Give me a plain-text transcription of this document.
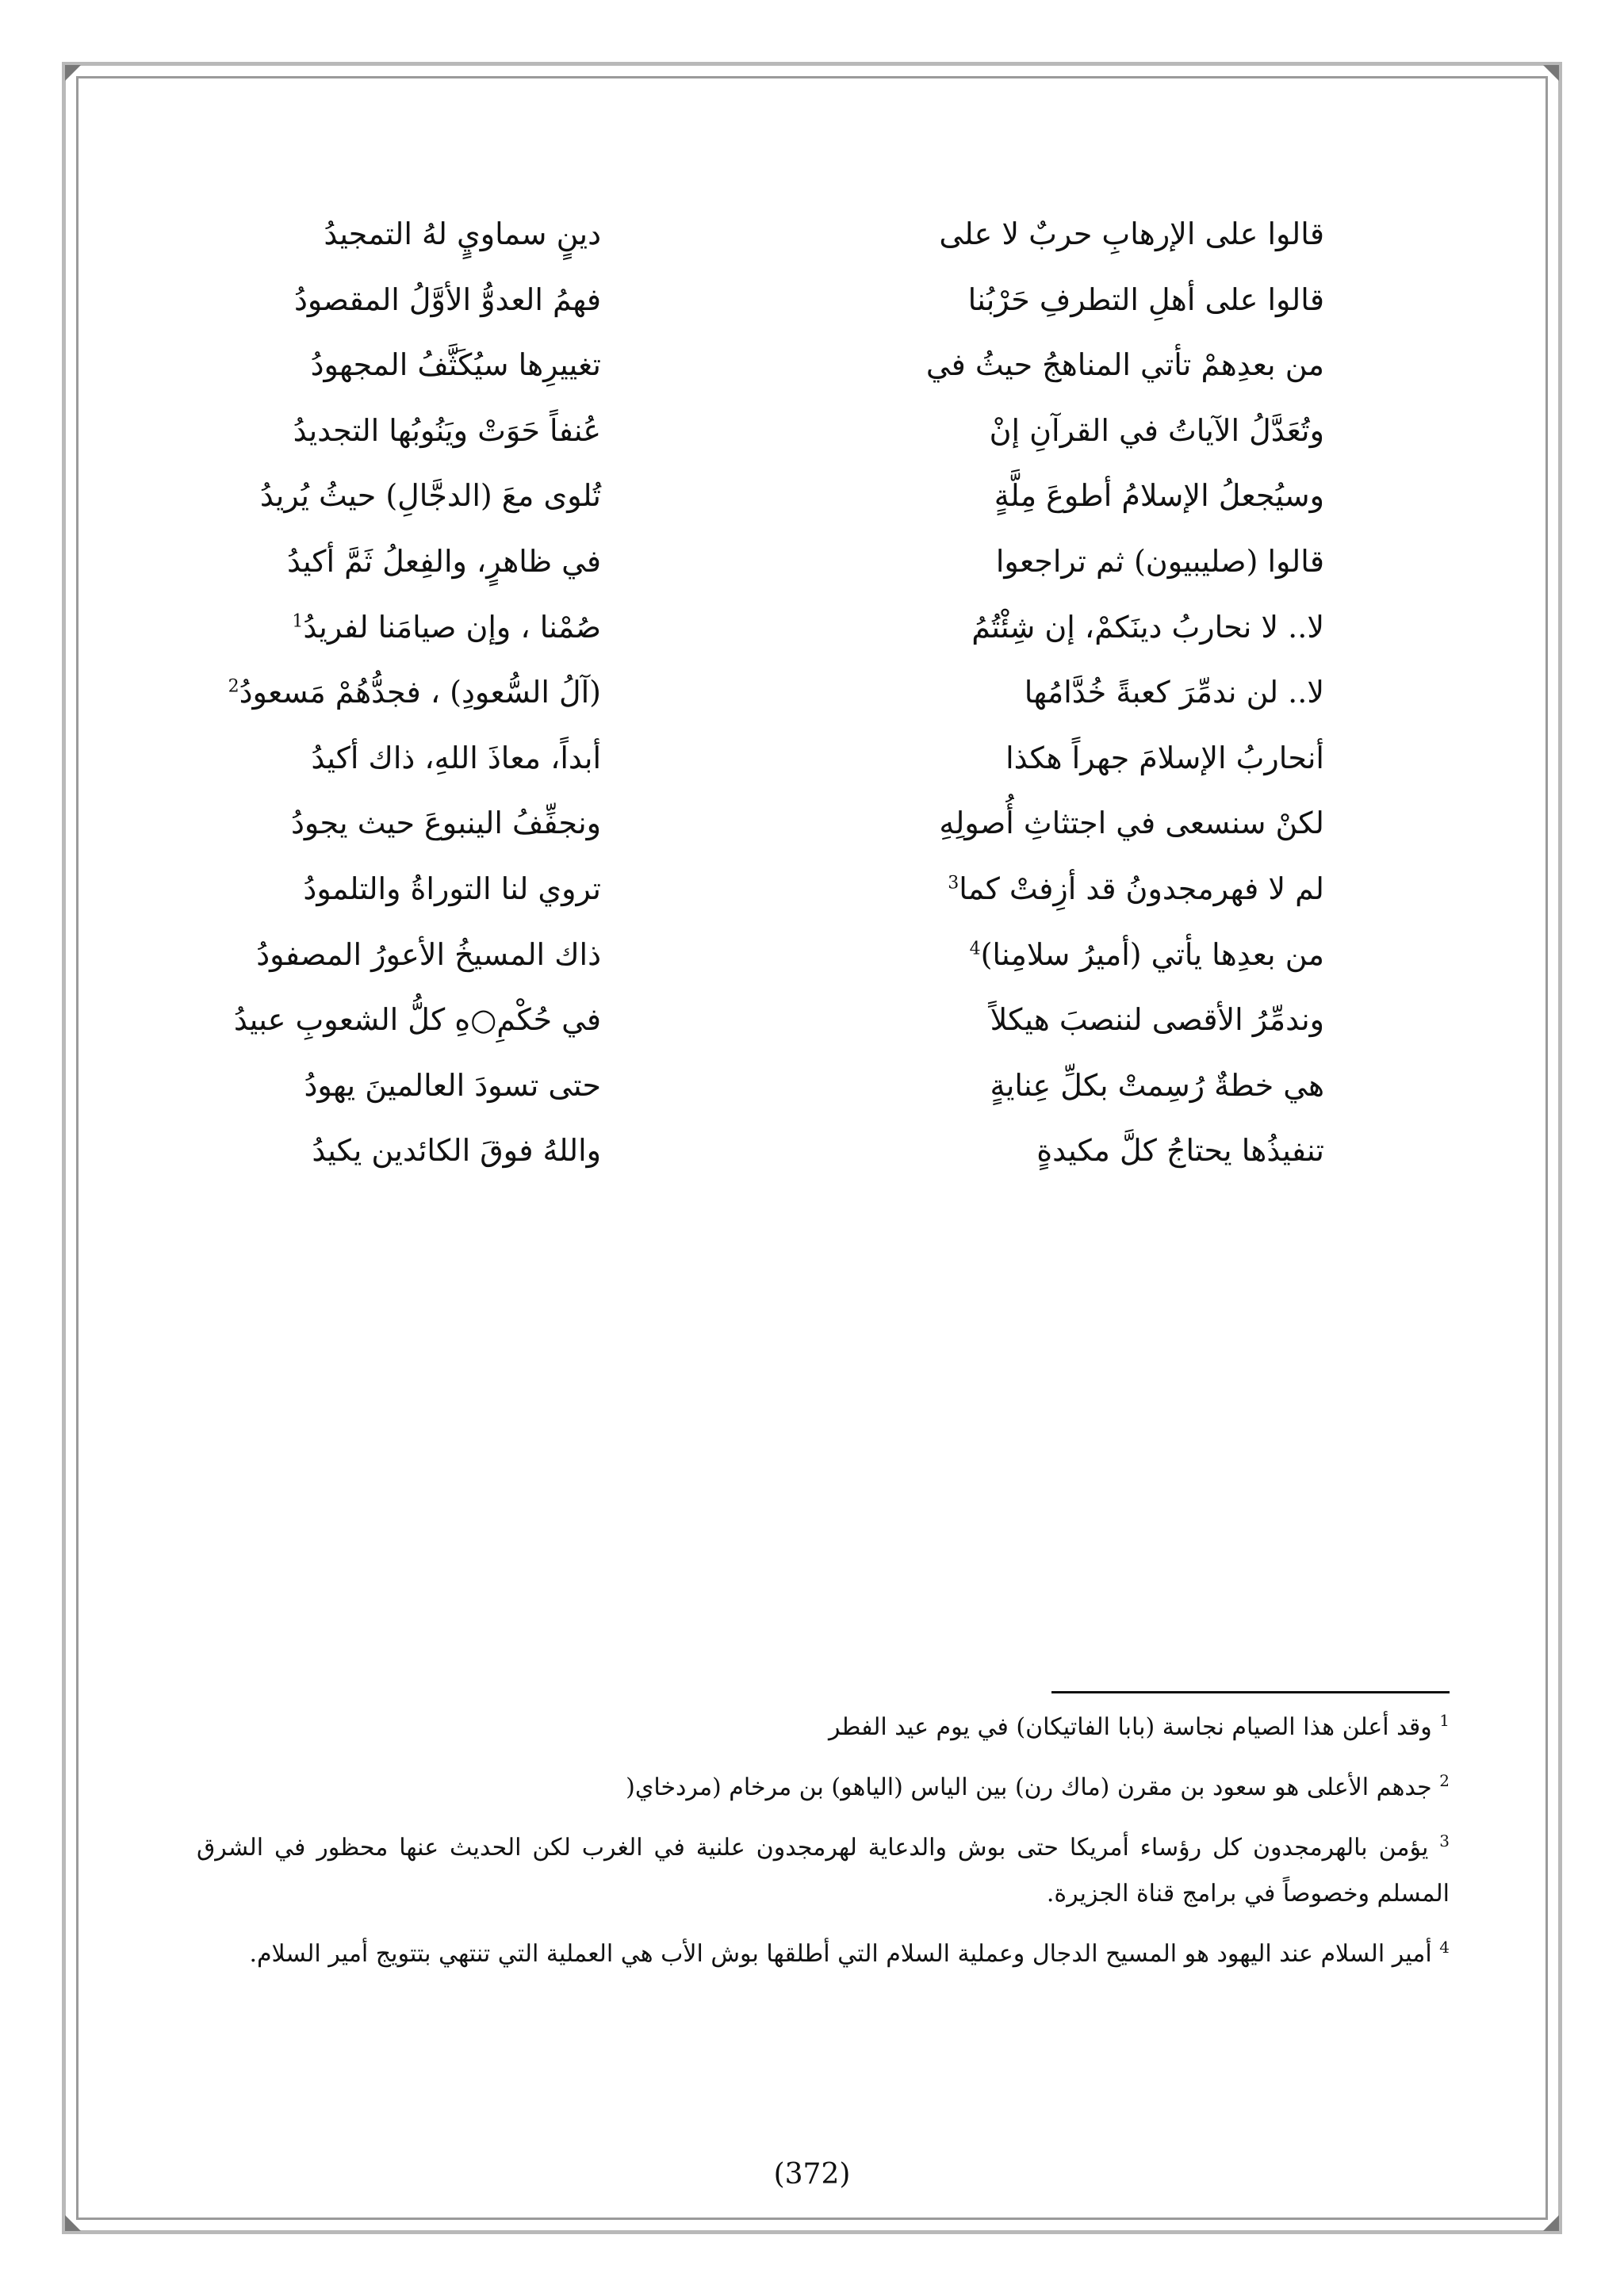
قالوا على الإرهابِ حربٌ لا على
دينٍ سماويٍ لهُ التمجيدُ
قالوا على أهلِ التطرفِ حَرْبُنا
فهمُ العدوُّ الأوَّلُ المقصودُ
من بعدِهمْ تأتي المناهجُ حيثُ في
تغييرِها سيُكَثَّفُ المجهودُ
وتُعَدَّلُ الآياتُ في القرآنِ إنْ
عُنفاً حَوَتْ ويَنُوبُها التجديدُ
وسيُجعلُ الإسلامُ أطوعَ مِلَّةٍ
تُلوى معَ (الدجَّالِ) حيثُ يُريدُ
قالوا (صليبيون) ثم تراجعوا
في ظاهرٍ، والفِعلُ ثَمَّ أكيدُ
لا.. لا نحاربُ دينَكمْ، إن شِئْتُمُ
صُمْنا ، وإن صيامَنا لفريدُ$^1$
لا.. لن ندمِّرَ كعبةً خُدَّامُها
(آلُ السُّعودِ) ، فجدُّهُمْ مَسعودُ$^2$
أنحاربُ الإسلامَ جهراً هكذا
أبداً، معاذَ اللهِ، ذاك أكيدُ
لكنْ سنسعى في اجتثاثِ أُصولِهِ
ونجفِّفُ الينبوعَ حيث يجودُ
لم لا فهرمجدونُ قد أزِفتْ كما$^3$
تروي لنا التوراةُ والتلمودُ
من بعدِها يأتي (أميرُ سلامِنا)$^4$
ذاك المسيخُ الأعورُ المصفودُ
وندمِّرُ الأقصى لننصبَ هيكلاً
في حُكْمِ○هِ كلُّ الشعوبِ عبيدُ
هي خطةٌ رُسِمتْ بكلِّ عِنايةٍ
حتى تسودَ العالمينَ يهودُ
تنفيذُها يحتاجُ كلَّ مكيدةٍ
واللهُ فوقَ الكائدين يكيدُ
$^1$ وقد أعلن هذا الصيام نجاسة (بابا الفاتيكان) في يوم عيد الفطر
$^2$ جدهم الأعلى هو سعود بن مقرن (ماك رن) بين الياس (الياهو) بن مرخام (مردخاي(
$^3$ يؤمن بالهرمجدون كل رؤساء أمريكا حتى بوش والدعاية لهرمجدون علنية في الغرب لكن الحديث عنها محظور في الشرق المسلم وخصوصاً في برامج قناة الجزيرة.
$^4$ أمير السلام عند اليهود هو المسيح الدجال وعملية السلام التي أطلقها بوش الأب هي العملية التي تنتهي بتتويج أمير السلام.
(372)
